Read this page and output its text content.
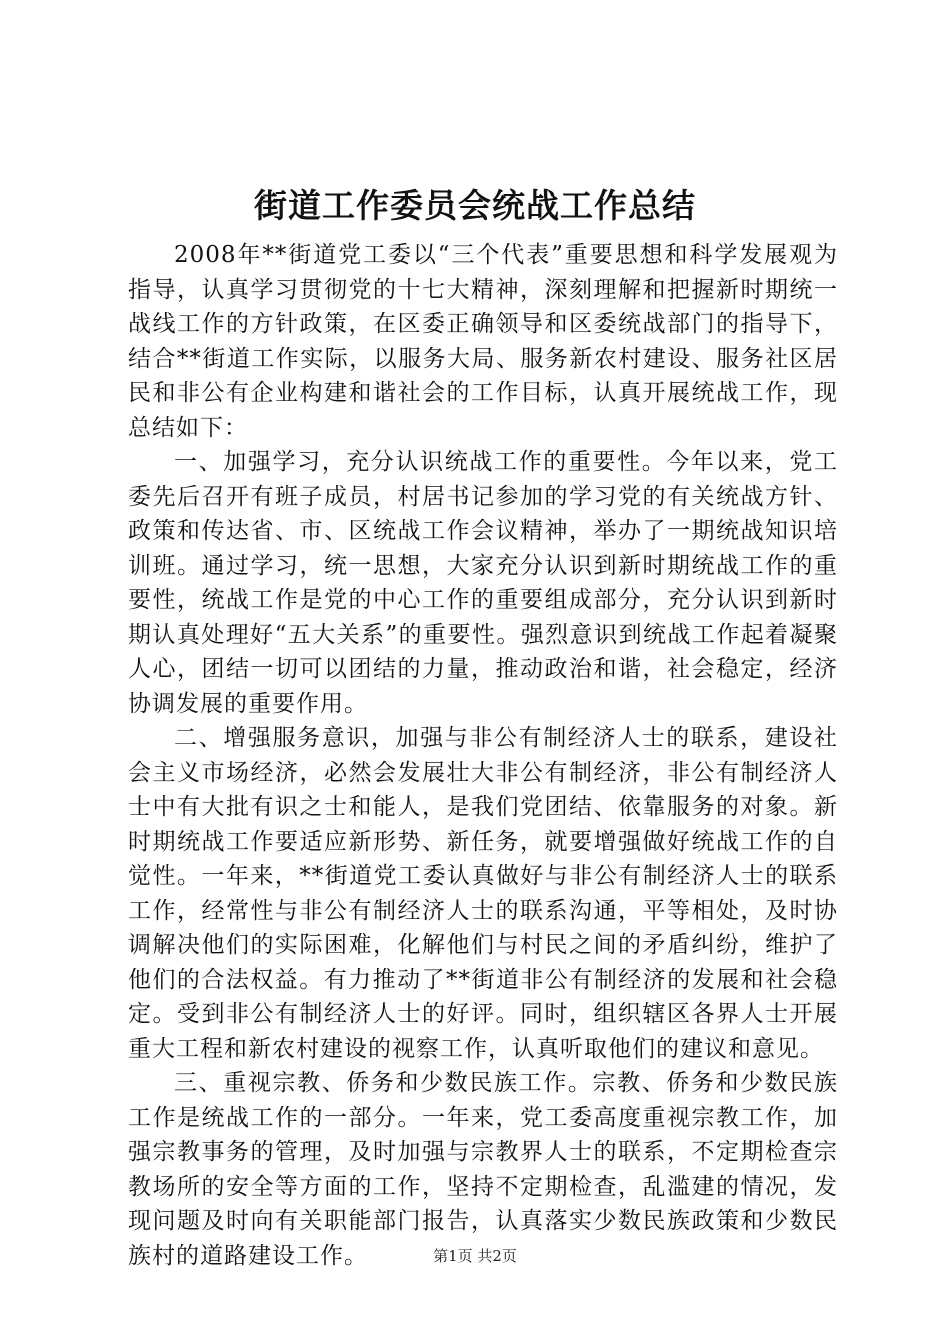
街道工作委员会统战工作总结

2008年**街道党工委以“三个代表”重要思想和科学发展观为指导，认真学习贯彻党的十七大精神，深刻理解和把握新时期统一战线工作的方针政策，在区委正确领导和区委统战部门的指导下，结合**街道工作实际，以服务大局、服务新农村建设、服务社区居民和非公有企业构建和谐社会的工作目标，认真开展统战工作，现总结如下：

一、加强学习，充分认识统战工作的重要性。今年以来，党工委先后召开有班子成员，村居书记参加的学习党的有关统战方针、政策和传达省、市、区统战工作会议精神，举办了一期统战知识培训班。通过学习，统一思想，大家充分认识到新时期统战工作的重要性，统战工作是党的中心工作的重要组成部分，充分认识到新时期认真处理好“五大关系”的重要性。强烈意识到统战工作起着凝聚人心，团结一切可以团结的力量，推动政治和谐，社会稳定，经济协调发展的重要作用。

二、增强服务意识，加强与非公有制经济人士的联系，建设社会主义市场经济，必然会发展壮大非公有制经济，非公有制经济人士中有大批有识之士和能人，是我们党团结、依靠服务的对象。新时期统战工作要适应新形势、新任务，就要增强做好统战工作的自觉性。一年来，**街道党工委认真做好与非公有制经济人士的联系工作，经常性与非公有制经济人士的联系沟通，平等相处，及时协调解决他们的实际困难，化解他们与村民之间的矛盾纠纷，维护了他们的合法权益。有力推动了**街道非公有制经济的发展和社会稳定。受到非公有制经济人士的好评。同时，组织辖区各界人士开展重大工程和新农村建设的视察工作，认真听取他们的建议和意见。

三、重视宗教、侨务和少数民族工作。宗教、侨务和少数民族工作是统战工作的一部分。一年来，党工委高度重视宗教工作，加强宗教事务的管理，及时加强与宗教界人士的联系，不定期检查宗教场所的安全等方面的工作，坚持不定期检查，乱滥建的情况，发现问题及时向有关职能部门报告，认真落实少数民族政策和少数民族村的道路建设工作。	第1页 共2页
